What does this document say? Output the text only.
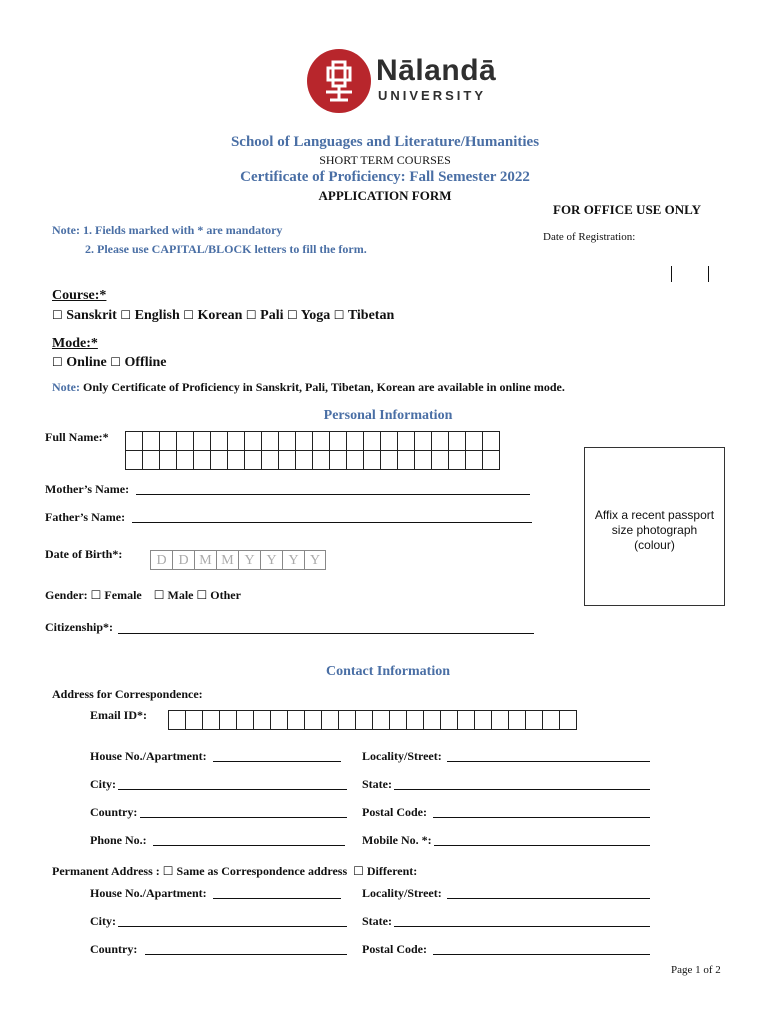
Nālandā
UNIVERSITY
School of Languages and Literature/Humanities
SHORT TERM COURSES
Certificate of Proficiency: Fall Semester 2022
APPLICATION FORM
FOR OFFICE USE ONLY
Date of Registration:
Note: 1. Fields marked with * are mandatory
2. Please use CAPITAL/BLOCK letters to fill the form.
Course:*
☐ Sanskrit ☐ English ☐ Korean ☐ Pali ☐ Yoga ☐ Tibetan
Mode:*
☐ Online ☐ Offline
Note: Only Certificate of Proficiency in Sanskrit, Pali, Tibetan, Korean are available in online mode.
Personal Information
Full Name:*

Affix a recent passport size photograph (colour)
Mother’s Name:
Father’s Name:
Date of Birth*:	D D M M Y Y Y Y
Gender: ☐ Female ☐ Male ☐ Other
Citizenship*:
Contact Information
Address for Correspondence:
Email ID*:

House No./Apartment:	Locality/Street:
City:	State:
Country:	Postal Code:
Phone No.:	Mobile No. *:
Permanent Address : ☐ Same as Correspondence address ☐ Different:
House No./Apartment:	Locality/Street:
City:	State:
Country:	Postal Code:
Page 1 of 2
